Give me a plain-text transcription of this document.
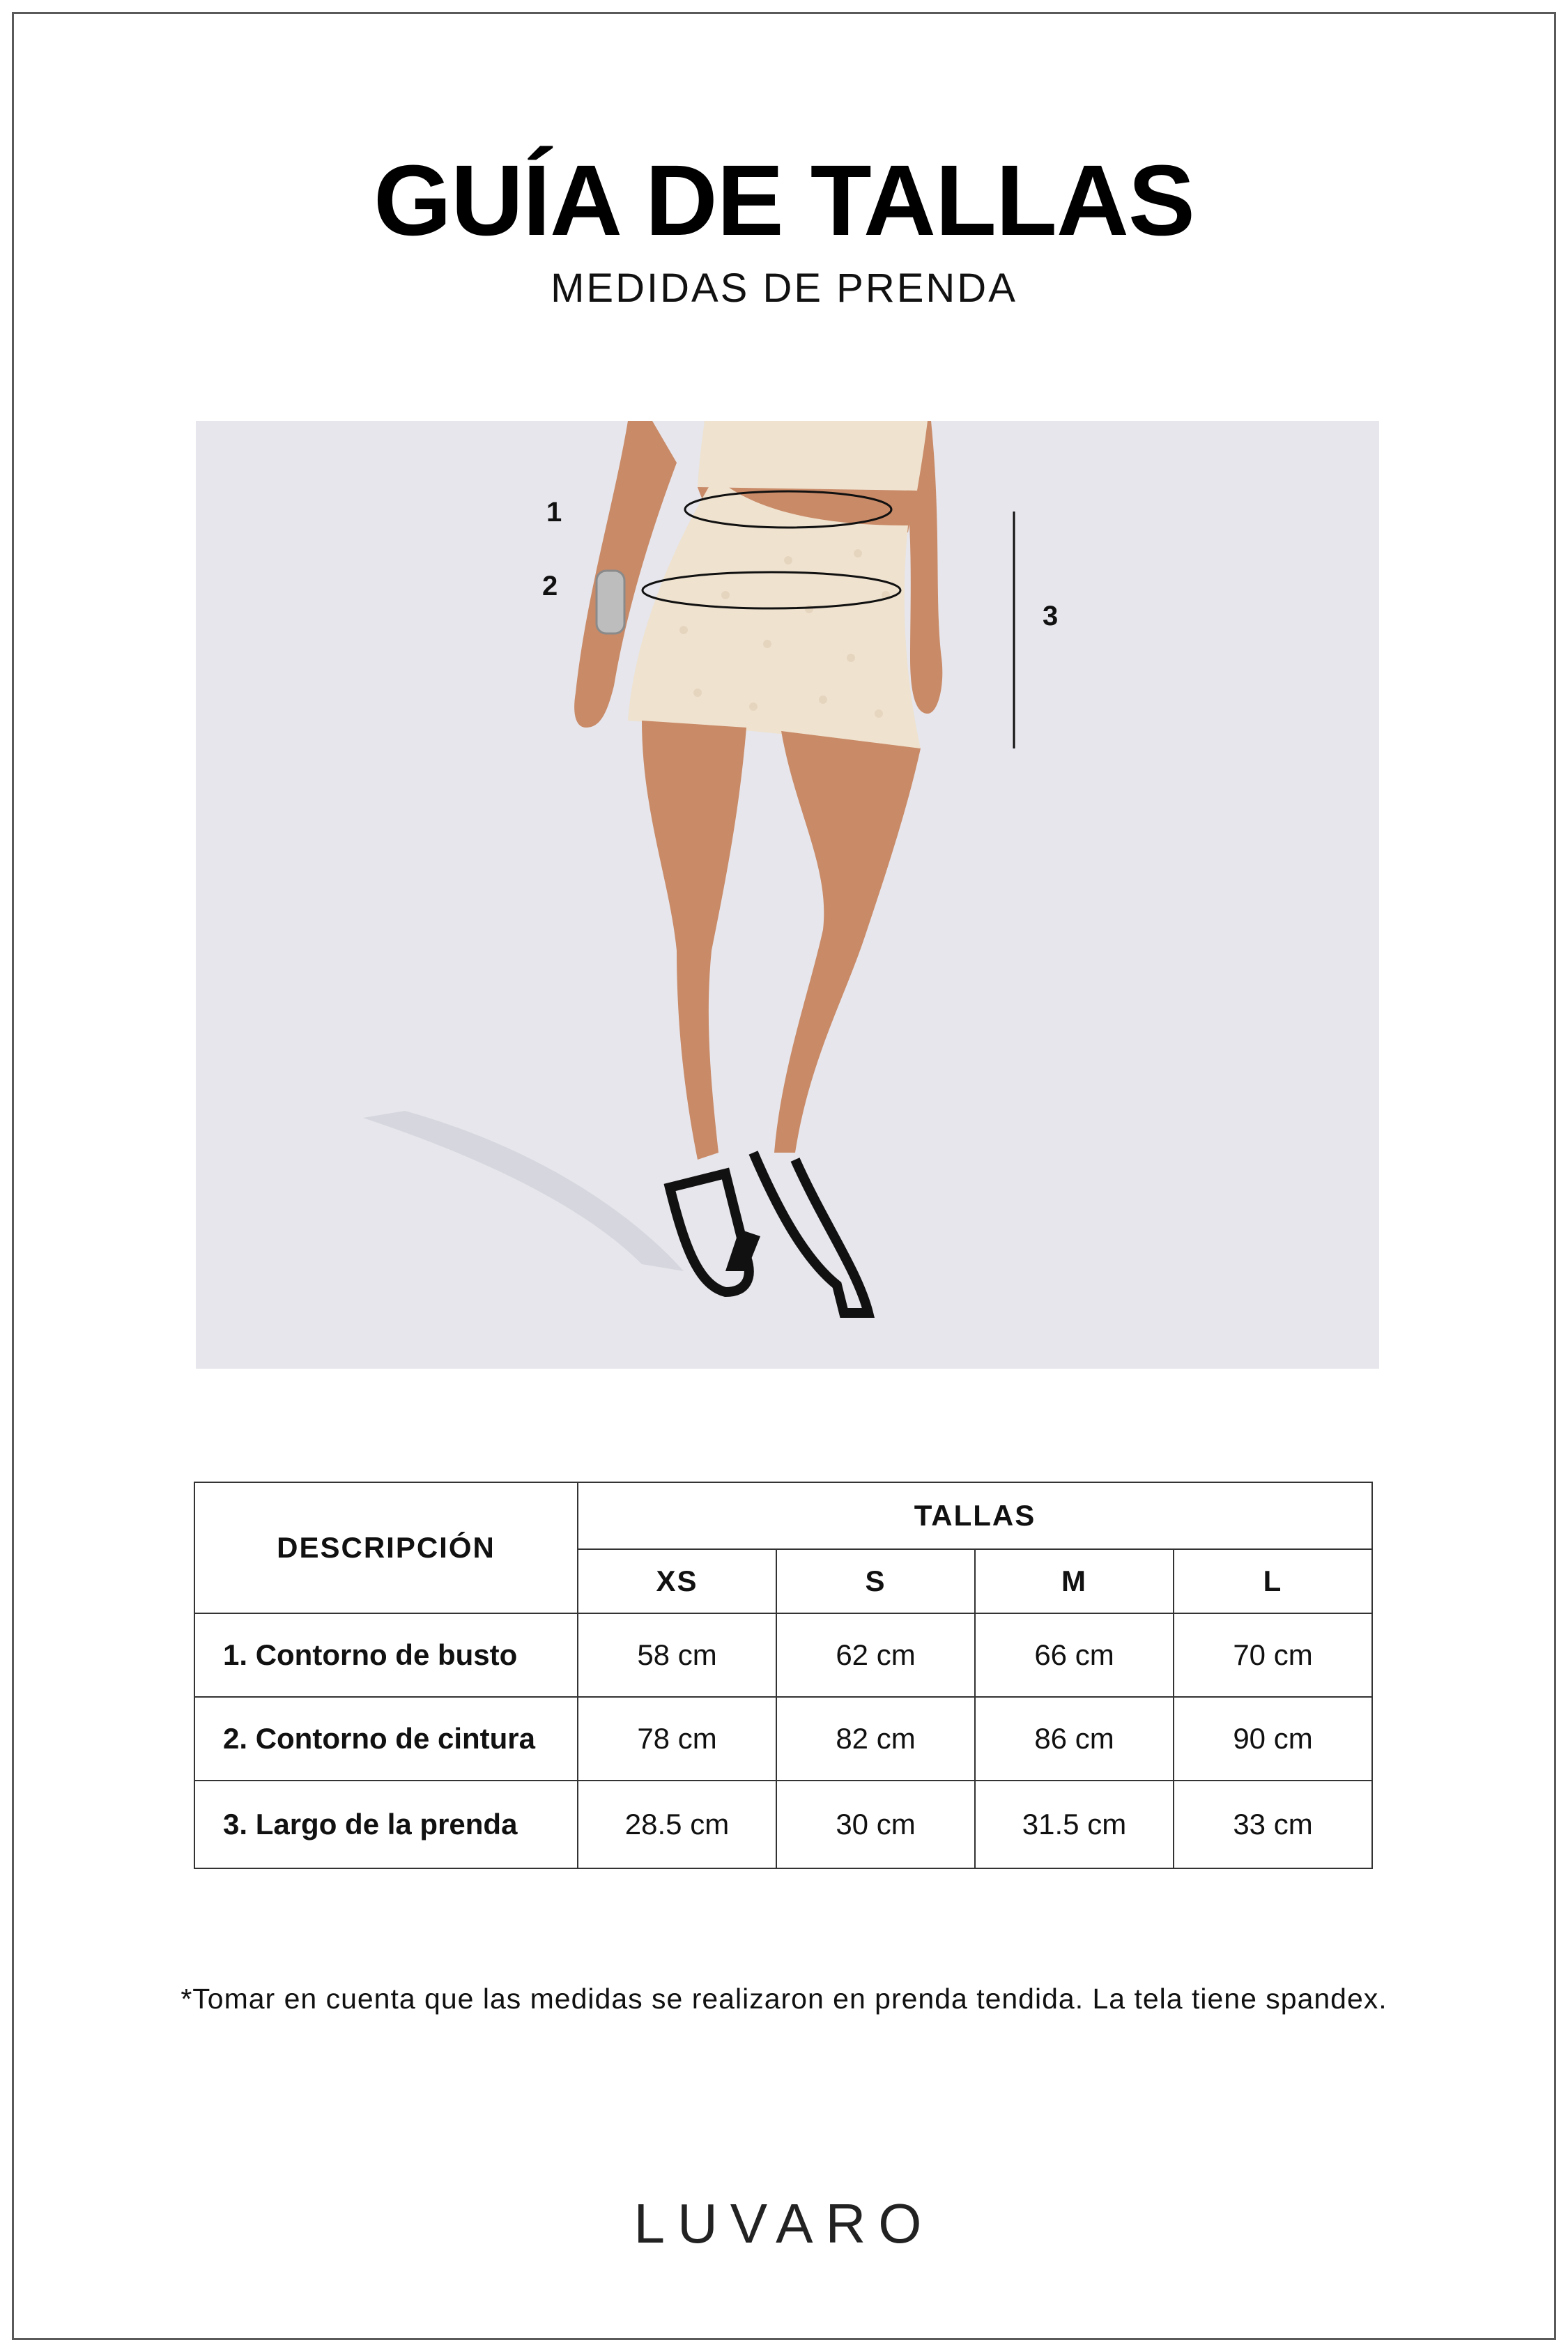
GUÍA DE TALLAS
MEDIDAS DE PRENDA
1
2
3
DESCRIPCIÓN	TALLAS			
	XS	S	M	L
1. Contorno de busto	58 cm	62 cm	66 cm	70 cm
2. Contorno de cintura	78 cm	82 cm	86 cm	90 cm
3. Largo de la prenda	28.5 cm	30 cm	31.5 cm	33 cm
*Tomar en cuenta que las medidas se realizaron en prenda tendida. La tela tiene spandex.
LUVARO
